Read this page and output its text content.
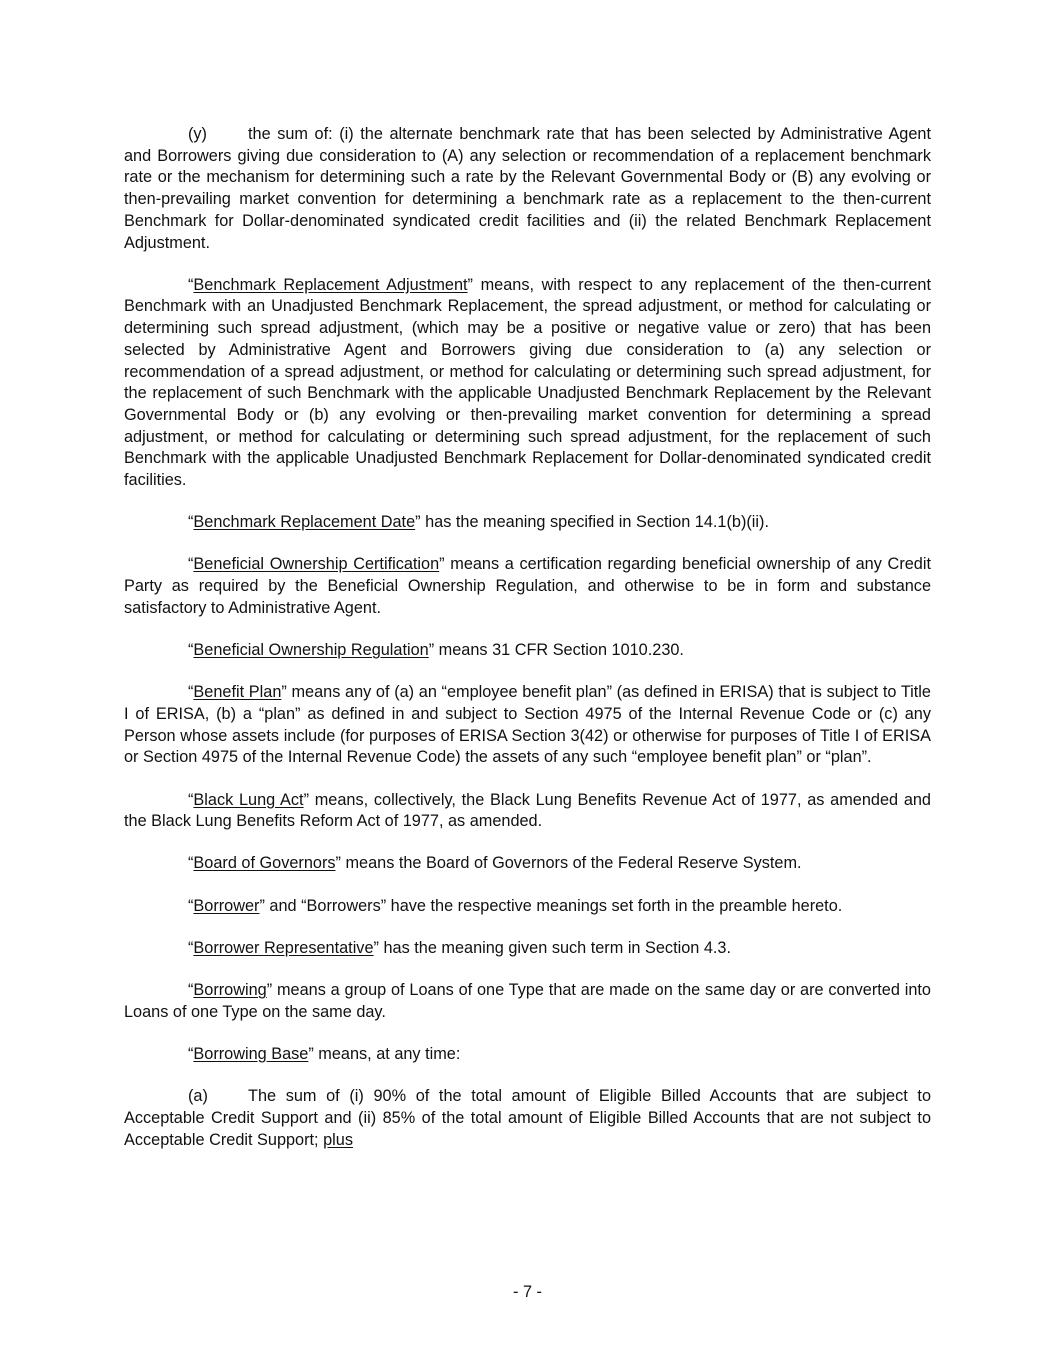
(y)	the sum of: (i) the alternate benchmark rate that has been selected by Administrative Agent and Borrowers giving due consideration to (A) any selection or recommendation of a replacement benchmark rate or the mechanism for determining such a rate by the Relevant Governmental Body or (B) any evolving or then-prevailing market convention for determining a benchmark rate as a replacement to the then-current Benchmark for Dollar-denominated syndicated credit facilities and (ii) the related Benchmark Replacement Adjustment.

“Benchmark Replacement Adjustment” means, with respect to any replacement of the then-current Benchmark with an Unadjusted Benchmark Replacement, the spread adjustment, or method for calculating or determining such spread adjustment, (which may be a positive or negative value or zero) that has been selected by Administrative Agent and Borrowers giving due consideration to (a) any selection or recommendation of a spread adjustment, or method for calculating or determining such spread adjustment, for the replacement of such Benchmark with the applicable Unadjusted Benchmark Replacement by the Relevant Governmental Body or (b) any evolving or then-prevailing market convention for determining a spread adjustment, or method for calculating or determining such spread adjustment, for the replacement of such Benchmark with the applicable Unadjusted Benchmark Replacement for Dollar-denominated syndicated credit facilities.

“Benchmark Replacement Date” has the meaning specified in Section 14.1(b)(ii).

“Beneficial Ownership Certification” means a certification regarding beneficial ownership of any Credit Party as required by the Beneficial Ownership Regulation, and otherwise to be in form and substance satisfactory to Administrative Agent.

“Beneficial Ownership Regulation” means 31 CFR Section 1010.230.

“Benefit Plan” means any of (a) an “employee benefit plan” (as defined in ERISA) that is subject to Title I of ERISA, (b) a “plan” as defined in and subject to Section 4975 of the Internal Revenue Code or (c) any Person whose assets include (for purposes of ERISA Section 3(42) or otherwise for purposes of Title I of ERISA or Section 4975 of the Internal Revenue Code) the assets of any such “employee benefit plan” or “plan”.

“Black Lung Act” means, collectively, the Black Lung Benefits Revenue Act of 1977, as amended and the Black Lung Benefits Reform Act of 1977, as amended.

“Board of Governors” means the Board of Governors of the Federal Reserve System.

“Borrower” and “Borrowers” have the respective meanings set forth in the preamble hereto.

“Borrower Representative” has the meaning given such term in Section 4.3.

“Borrowing” means a group of Loans of one Type that are made on the same day or are converted into Loans of one Type on the same day.

“Borrowing Base” means, at any time:

(a) The sum of (i) 90% of the total amount of Eligible Billed Accounts that are subject to Acceptable Credit Support and (ii) 85% of the total amount of Eligible Billed Accounts that are not subject to Acceptable Credit Support; plus

- 7 -
